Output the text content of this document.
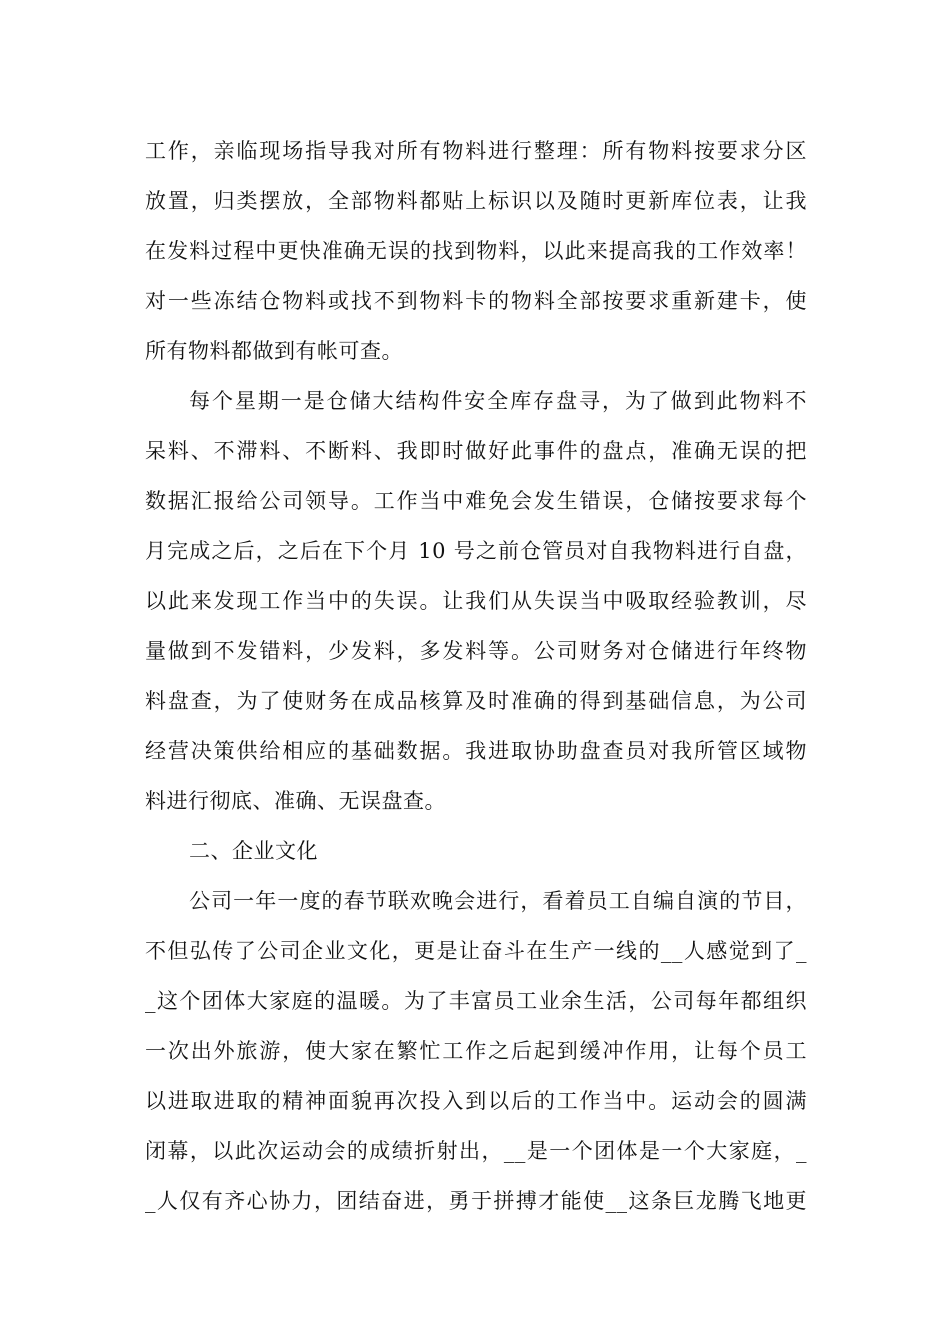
工作，亲临现场指导我对所有物料进行整理：所有物料按要求分区
放置，归类摆放，全部物料都贴上标识以及随时更新库位表，让我
在发料过程中更快准确无误的找到物料，以此来提高我的工作效率！
对一些冻结仓物料或找不到物料卡的物料全部按要求重新建卡，使
所有物料都做到有帐可查。
每个星期一是仓储大结构件安全库存盘寻，为了做到此物料不
呆料、不滞料、不断料、我即时做好此事件的盘点，准确无误的把
数据汇报给公司领导。工作当中难免会发生错误，仓储按要求每个
月完成之后，之后在下个月 10 号之前仓管员对自我物料进行自盘，
以此来发现工作当中的失误。让我们从失误当中吸取经验教训，尽
量做到不发错料，少发料，多发料等。公司财务对仓储进行年终物
料盘查，为了使财务在成品核算及时准确的得到基础信息，为公司
经营决策供给相应的基础数据。我进取协助盘查员对我所管区域物
料进行彻底、准确、无误盘查。
二、企业文化
公司一年一度的春节联欢晚会进行，看着员工自编自演的节目，
不但弘传了公司企业文化，更是让奋斗在生产一线的__人感觉到了_
_这个团体大家庭的温暖。为了丰富员工业余生活，公司每年都组织
一次出外旅游，使大家在繁忙工作之后起到缓冲作用，让每个员工
以进取进取的精神面貌再次投入到以后的工作当中。运动会的圆满
闭幕，以此次运动会的成绩折射出，__是一个团体是一个大家庭，_
_人仅有齐心协力，团结奋进，勇于拼搏才能使__这条巨龙腾飞地更
